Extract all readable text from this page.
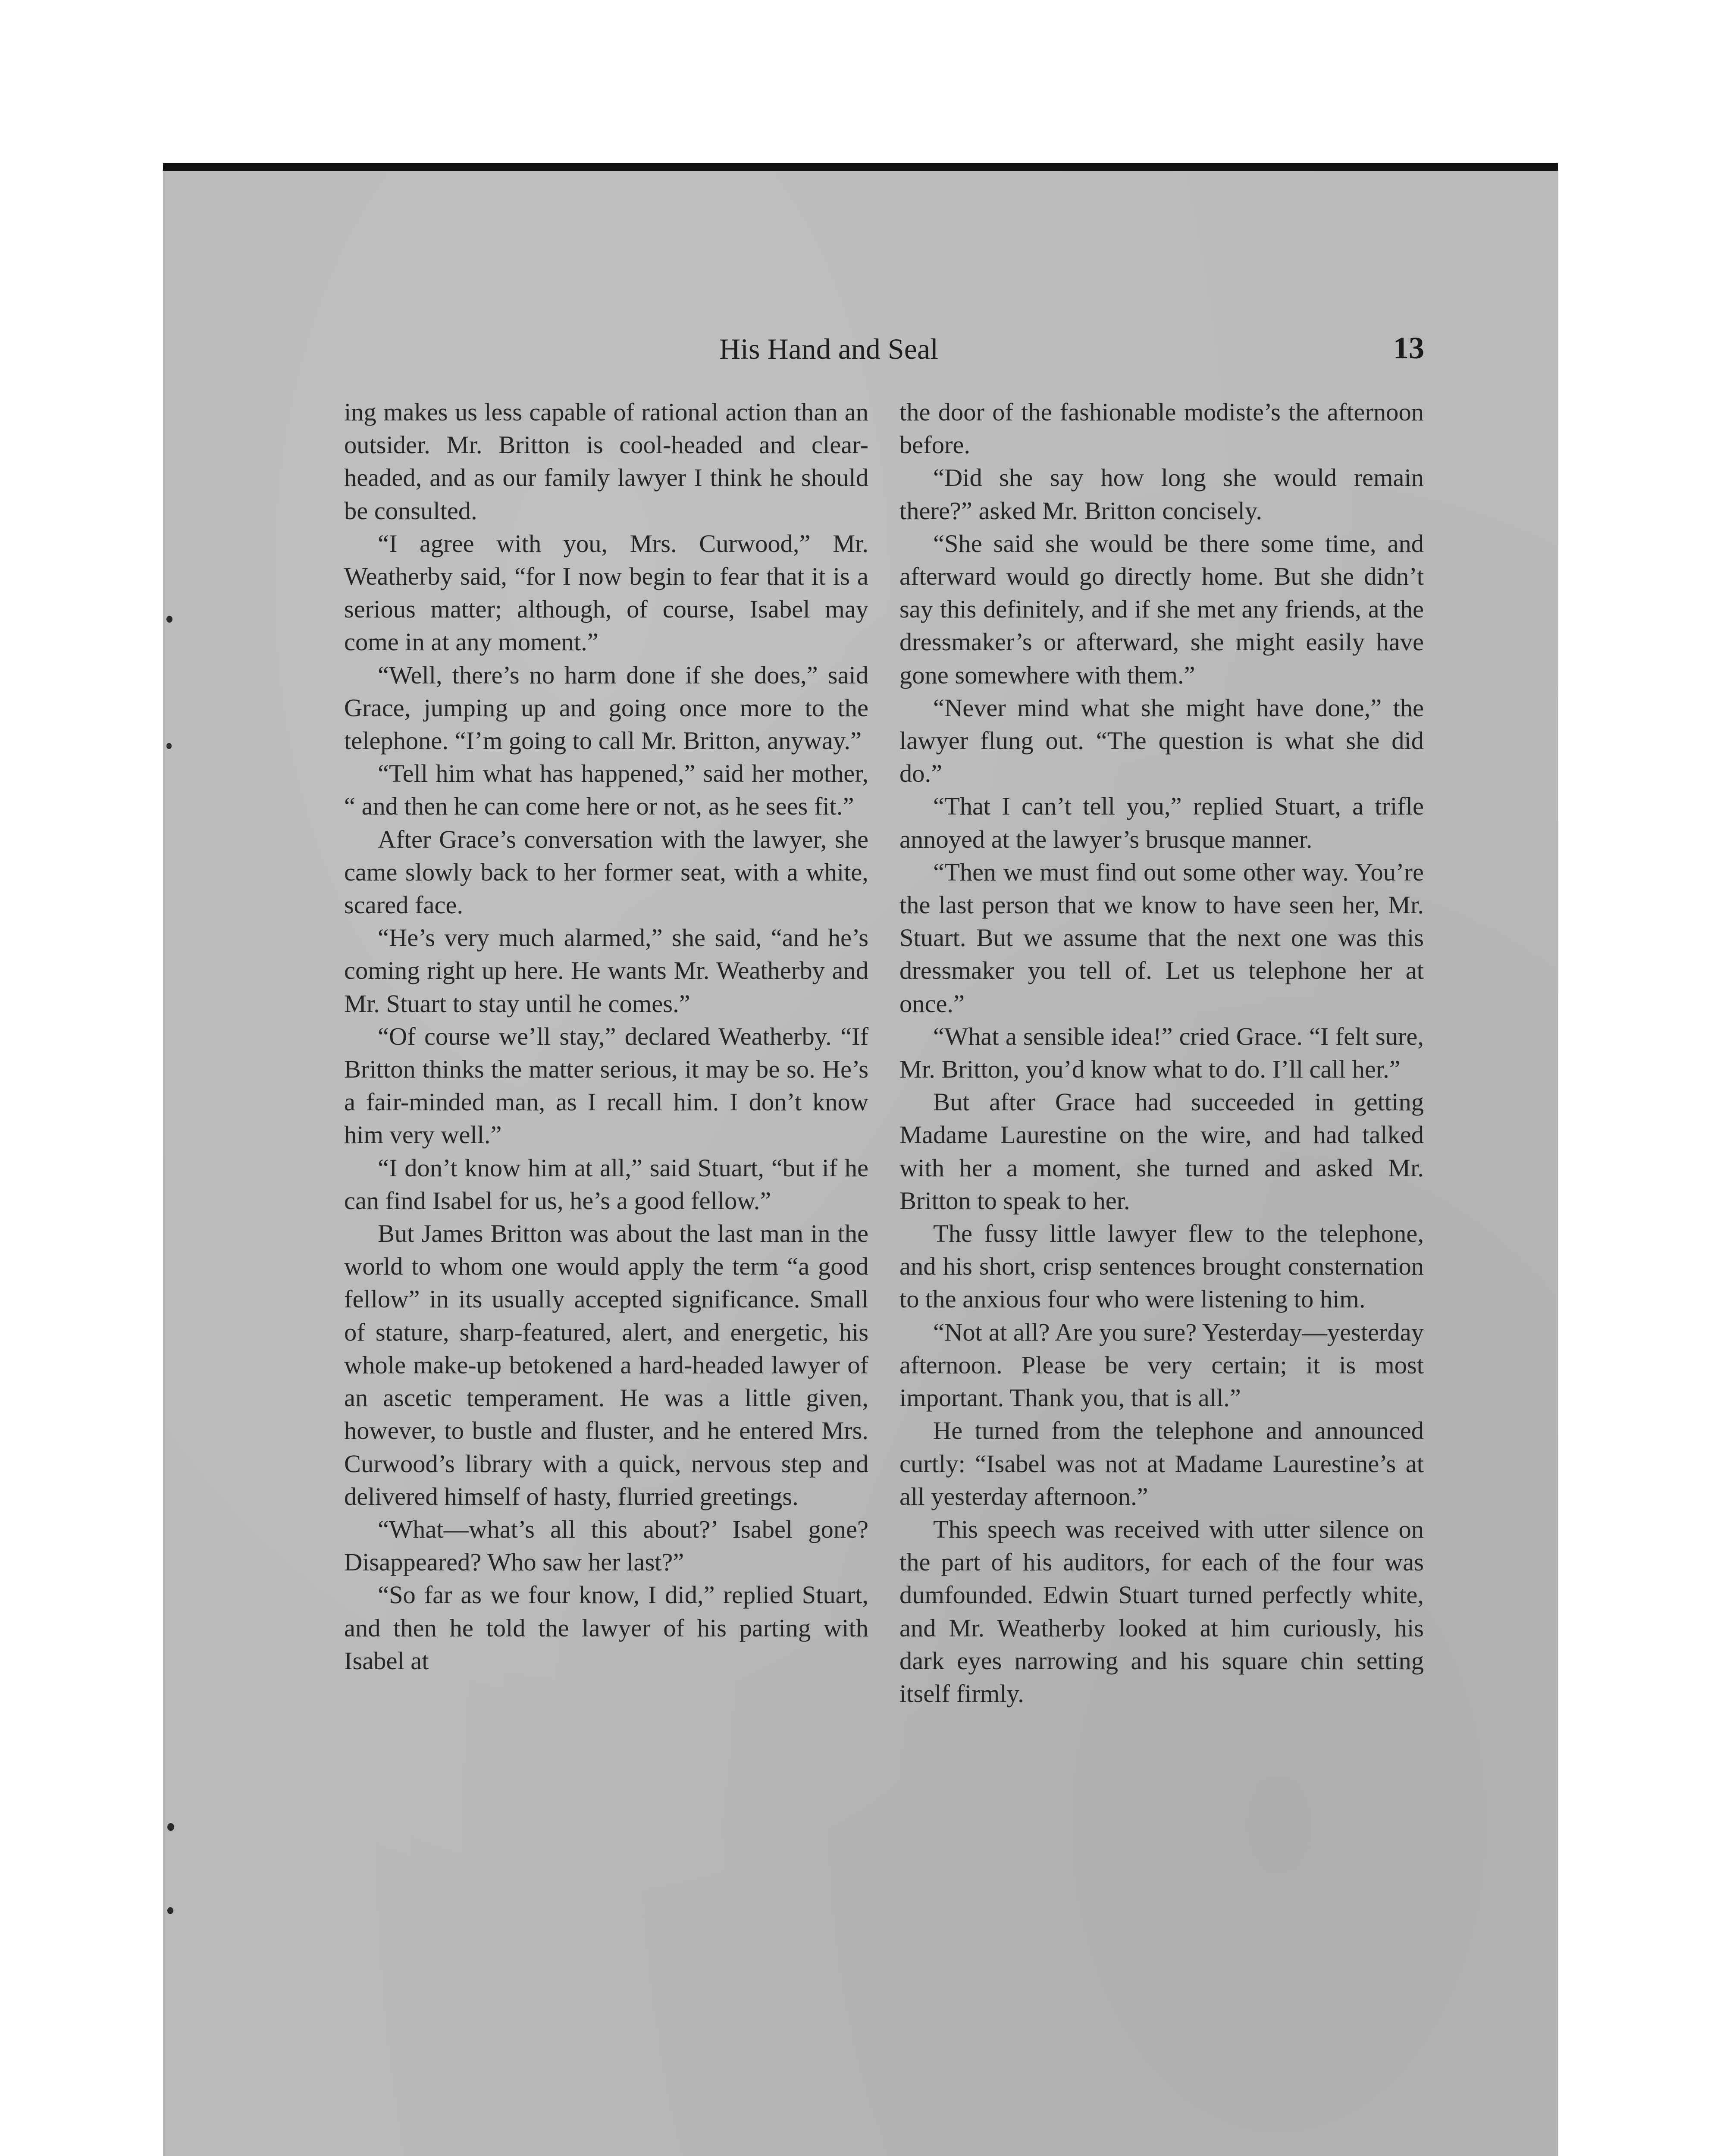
His Hand and Seal	13

ing makes us less capable of rational action than an outsider. Mr. Britton is cool-headed and clear-headed, and as our family lawyer I think he should be consulted.

“I agree with you, Mrs. Curwood,” Mr. Weatherby said, “for I now begin to fear that it is a serious matter; although, of course, Isabel may come in at any moment.”

“Well, there’s no harm done if she does,” said Grace, jumping up and going once more to the telephone. “I’m going to call Mr. Britton, anyway.”

“Tell him what has happened,” said her mother, “ and then he can come here or not, as he sees fit.”

After Grace’s conversation with the lawyer, she came slowly back to her former seat, with a white, scared face.

“He’s very much alarmed,” she said, “and he’s coming right up here. He wants Mr. Weatherby and Mr. Stuart to stay until he comes.”

“Of course we’ll stay,” declared Weatherby. “If Britton thinks the matter serious, it may be so. He’s a fair-minded man, as I recall him. I don’t know him very well.”

“I don’t know him at all,” said Stuart, “but if he can find Isabel for us, he’s a good fellow.”

But James Britton was about the last man in the world to whom one would apply the term “a good fellow” in its usually accepted significance. Small of stature, sharp-featured, alert, and energetic, his whole make-up betokened a hard-headed lawyer of an ascetic temperament. He was a little given, however, to bustle and fluster, and he entered Mrs. Curwood’s library with a quick, nervous step and delivered himself of hasty, flurried greetings.

“What—what’s all this about?’ Isabel gone? Disappeared? Who saw her last?”

“So far as we four know, I did,” replied Stuart, and then he told the lawyer of his parting with Isabel at

the door of the fashionable modiste’s the afternoon before.

“Did she say how long she would remain there?” asked Mr. Britton concisely.

“She said she would be there some time, and afterward would go directly home. But she didn’t say this definitely, and if she met any friends, at the dressmaker’s or afterward, she might easily have gone somewhere with them.”

“Never mind what she might have done,” the lawyer flung out. “The question is what she did do.”

“That I can’t tell you,” replied Stuart, a trifle annoyed at the lawyer’s brusque manner.

“Then we must find out some other way. You’re the last person that we know to have seen her, Mr. Stuart. But we assume that the next one was this dressmaker you tell of. Let us telephone her at once.”

“What a sensible idea!” cried Grace. “I felt sure, Mr. Britton, you’d know what to do. I’ll call her.”

But after Grace had succeeded in getting Madame Laurestine on the wire, and had talked with her a moment, she turned and asked Mr. Britton to speak to her.

The fussy little lawyer flew to the telephone, and his short, crisp sentences brought consternation to the anxious four who were listening to him.

“Not at all? Are you sure? Yesterday—yesterday afternoon. Please be very certain; it is most important. Thank you, that is all.”

He turned from the telephone and announced curtly: “Isabel was not at Madame Laurestine’s at all yesterday afternoon.”

This speech was received with utter silence on the part of his auditors, for each of the four was dumfounded. Edwin Stuart turned perfectly white, and Mr. Weatherby looked at him curiously, his dark eyes narrowing and his square chin setting itself firmly.
